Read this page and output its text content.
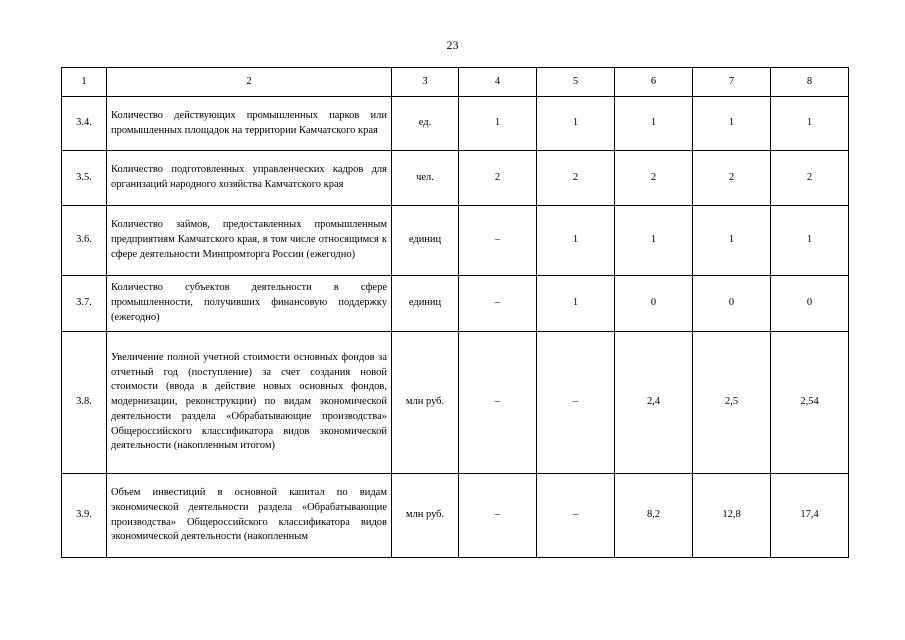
23
1	2	3	4	5	6	7	8
3.4.	Количество действующих промышленных парков или промышленных площадок на территории Камчатского края	ед.	1	1	1	1	1
3.5.	Количество подготовленных управленческих кадров для организаций народного хозяйства Камчатского края	чел.	2	2	2	2	2
3.6.	Количество займов, предоставленных промышленным предприятиям Камчатского края, в том числе относящимся к сфере деятельности Минпромторга России (ежегодно)	единиц	–	1	1	1	1
3.7.	Количество субъектов деятельности в сфере промышленности, получивших финансовую поддержку (ежегодно)	единиц	–	1	0	0	0
3.8.	Увеличение полной учетной стоимости основных фондов за отчетный год (поступление) за счет создания новой стоимости (ввода в действие новых основных фондов, модернизации, реконструкции) по видам экономической деятельности раздела «Обрабатывающие производства» Общероссийского классификатора видов экономической деятельности (накопленным итогом)	млн руб.	–	–	2,4	2,5	2,54
3.9.	Объем инвестиций в основной капитал по видам экономической деятельности раздела «Обрабатывающие производства» Общероссийского классификатора видов экономической деятельности (накопленным	млн руб.	–	–	8,2	12,8	17,4
